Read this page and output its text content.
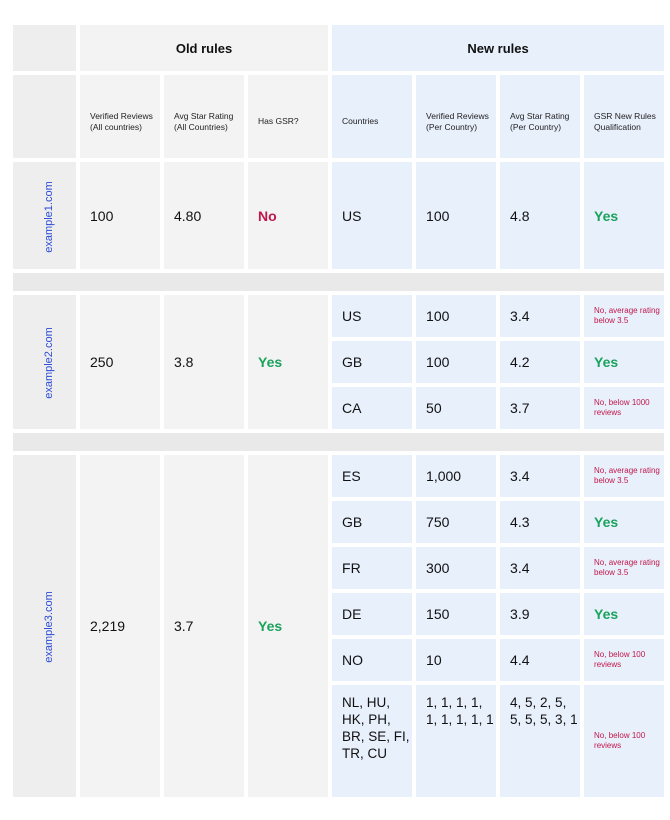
	Old rules			New rules			
	Verified Reviews (All countries)	Avg Star Rating (All Countries)	Has GSR?	Countries	Verified Reviews (Per Country)	Avg Star Rating (Per Country)	GSR New Rules Qualification
example1.com	100	4.80	No	US	100	4.8	Yes

example2.com	250	3.8	Yes	US	100	3.4	No, average rating below 3.5
				GB	100	4.2	Yes
				CA	50	3.7	No, below 1000 reviews

example3.com	2,219	3.7	Yes	ES	1,000	3.4	No, average rating below 3.5
				GB	750	4.3	Yes
				FR	300	3.4	No, average rating below 3.5
				DE	150	3.9	Yes
				NO	10	4.4	No, below 100 reviews
				NL, HU, HK, PH, BR, SE, FI, TR, CU	1, 1, 1, 1, 1, 1, 1, 1, 1	4, 5, 2, 5, 5, 5, 5, 3, 1	No, below 100 reviews
